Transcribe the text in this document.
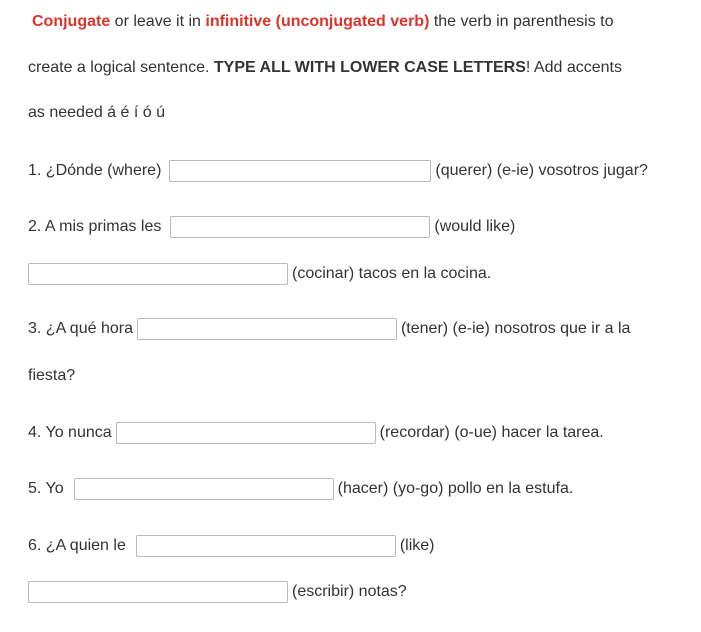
Conjugate or leave it in infinitive
(unconjugated verb) the verb in parenthesis to
create a logical sentence. TYPE ALL WITH LOWER CASE LETTERS ! Add accents
as needed á é í ó ú
1. ¿Dónde (where)	(querer) (e-ie) vosotros jugar?
2. A mis primas les	(would like)
(cocinar) tacos en la cocina.
3. ¿A qué hora	(tener) (e-ie) nosotros que ir a la
fiesta?
4. Yo nunca	(recordar) (o-ue) hacer la tarea.
5. Yo	(hacer) (yo-go) pollo en la estufa.
6. ¿A quien le	(like)
(escribir) notas?
